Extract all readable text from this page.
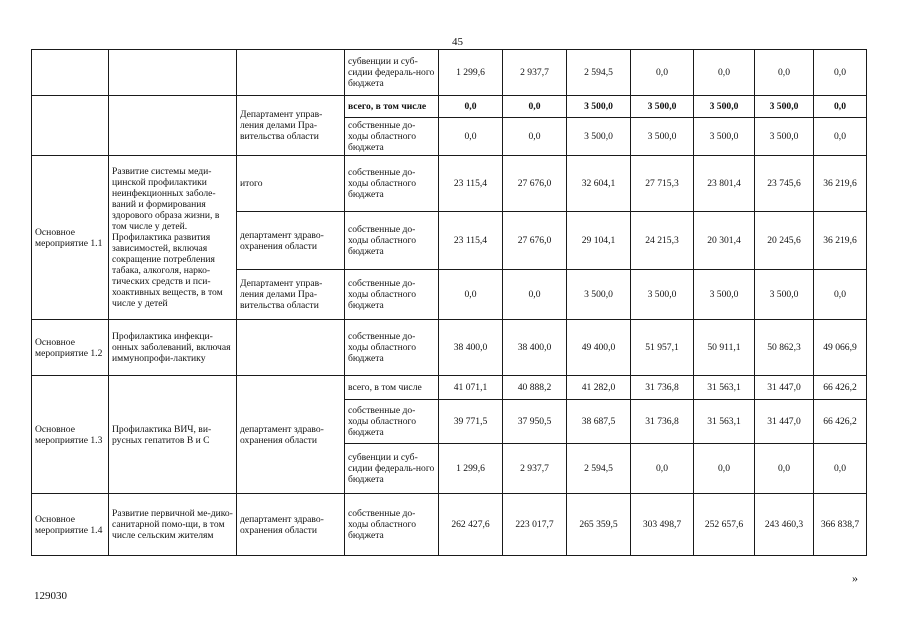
45
			субвенции и суб-сидии федераль-ного бюджета	1 299,6	2 937,7	2 594,5	0,0	0,0	0,0	0,0
		Департамент управ-ления делами Пра-вительства области	всего, в том числе	0,0	0,0	3 500,0	3 500,0	3 500,0	3 500,0	0,0
			собственные до-ходы областного бюджета	0,0	0,0	3 500,0	3 500,0	3 500,0	3 500,0	0,0
Основное мероприятие 1.1	Развитие системы меди-цинской профилактики неинфекционных заболе-ваний и формирования здорового образа жизни, в том числе у детей. Профилактика развития зависимостей, включая сокращение потребления табака, алкоголя, нарко-тических средств и пси-хоактивных веществ, в том числе у детей	итого	собственные до-ходы областного бюджета	23 115,4	27 676,0	32 604,1	27 715,3	23 801,4	23 745,6	36 219,6
		департамент здраво-охранения области	собственные до-ходы областного бюджета	23 115,4	27 676,0	29 104,1	24 215,3	20 301,4	20 245,6	36 219,6
		Департамент управ-ления делами Пра-вительства области	собственные до-ходы областного бюджета	0,0	0,0	3 500,0	3 500,0	3 500,0	3 500,0	0,0
Основное мероприятие 1.2	Профилактика инфекци-онных заболеваний, включая иммунопрофи-лактику		собственные до-ходы областного бюджета	38 400,0	38 400,0	49 400,0	51 957,1	50 911,1	50 862,3	49 066,9
Основное мероприятие 1.3	Профилактика ВИЧ, ви-русных гепатитов В и С	департамент здраво-охранения области	всего, в том числе	41 071,1	40 888,2	41 282,0	31 736,8	31 563,1	31 447,0	66 426,2
			собственные до-ходы областного бюджета	39 771,5	37 950,5	38 687,5	31 736,8	31 563,1	31 447,0	66 426,2
			субвенции и суб-сидии федераль-ного бюджета	1 299,6	2 937,7	2 594,5	0,0	0,0	0,0	0,0
Основное мероприятие 1.4	Развитие первичной ме-дико-санитарной помо-щи, в том числе сельским жителям	департамент здраво-охранения области	собственные до-ходы областного бюджета	262 427,6	223 017,7	265 359,5	303 498,7	252 657,6	243 460,3	366 838,7
»
129030
